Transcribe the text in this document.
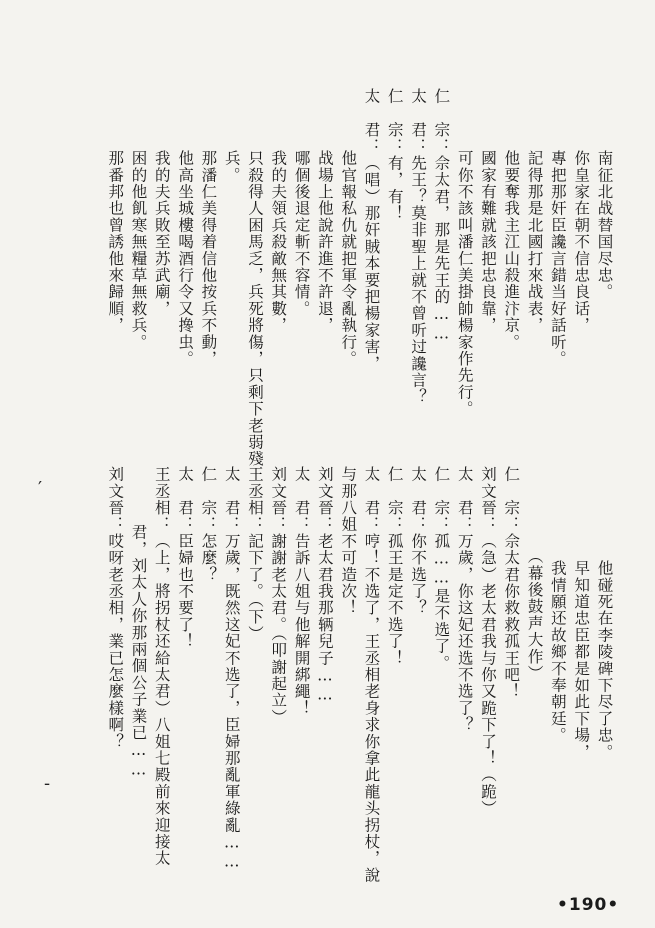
南征北战替国尽忠。
你皇家在朝不信忠良话，
專把那奸臣讒言錯当好話听。
記得那是北國打來战表，
他要奪我主江山殺進汴京。
國家有難就該把忠良靠，
可你不該叫潘仁美掛帥楊家作先行。
仁　宗：佘太君，那是先王的……
太　君：先王？莫非聖上就不曾听过讒言？
仁　宗：有，有！
太　君：（唱）那奸賊本要把楊家害，
他官報私仇就把軍令亂執行。
战場上他說許進不許退，
哪個後退定斬不容情。
我的夫領兵殺敵無其數，
只殺得人困馬乏，兵死將傷，只剩下老弱殘
兵。
那潘仁美得着信他按兵不動，
他高坐城樓喝酒行令又搀虫。
我的夫兵敗至苏武廟，
困的他飢寒無糧草無救兵。
那番邦也曾誘他來歸順，
他碰死在李陵碑下尽了忠。
早知道忠臣都是如此下場，
我情願还故鄉不奉朝廷。
（幕後鼓声大作）
仁　宗：佘太君你救救孤王吧！
刘文晉：（急）老太君我与你又跪下了！（跪）
太　君：万歲，你这妃还选不选了？
仁　宗：孤……是不选了。
太　君：你不选了？
仁　宗：孤王是定不选了！
太　君：哼！不选了，王丞相老身求你拿此龍头拐杖，說
与那八姐不可造次！
刘文晉：老太君我那辆兒子……
太　君：告訴八姐与他解開綁繩！
刘文晉：謝謝老太君。（叩謝起立）
王丞相：記下了。（下）
太　君：万歲，既然这妃不选了，臣婦那亂軍綠亂……
仁　宗：怎麼？
太　君：臣婦也不要了！
王丞相：（上，將拐杖还給太君）八姐七殿前來迎接太
君，刘太人你那兩個公子業已……
刘文晉：哎呀老丞相，業已怎麼樣啊？
′
‑
•190•
